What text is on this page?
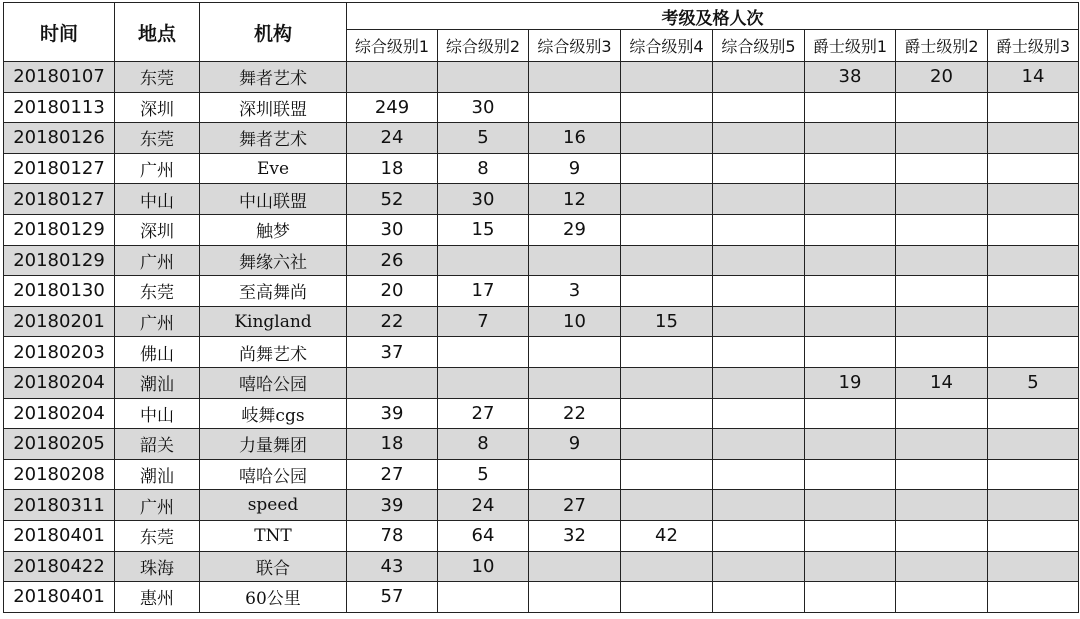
时间	地点	机构	考级及格人次							
			综合级别1	综合级别2	综合级别3	综合级别4	综合级别5	爵士级别1	爵士级别2	爵士级别3
20180107	东莞	舞者艺术						38	20	14
20180113	深圳	深圳联盟	249	30						
20180126	东莞	舞者艺术	24	5	16					
20180127	广州	Eve	18	8	9					
20180127	中山	中山联盟	52	30	12					
20180129	深圳	触梦	30	15	29					
20180129	广州	舞缘六社	26							
20180130	东莞	至高舞尚	20	17	3					
20180201	广州	Kingland	22	7	10	15				
20180203	佛山	尚舞艺术	37							
20180204	潮汕	嘻哈公园						19	14	5
20180204	中山	岐舞cgs	39	27	22					
20180205	韶关	力量舞团	18	8	9					
20180208	潮汕	嘻哈公园	27	5						
20180311	广州	speed	39	24	27					
20180401	东莞	TNT	78	64	32	42				
20180422	珠海	联合	43	10						
20180401	惠州	60公里	57							
